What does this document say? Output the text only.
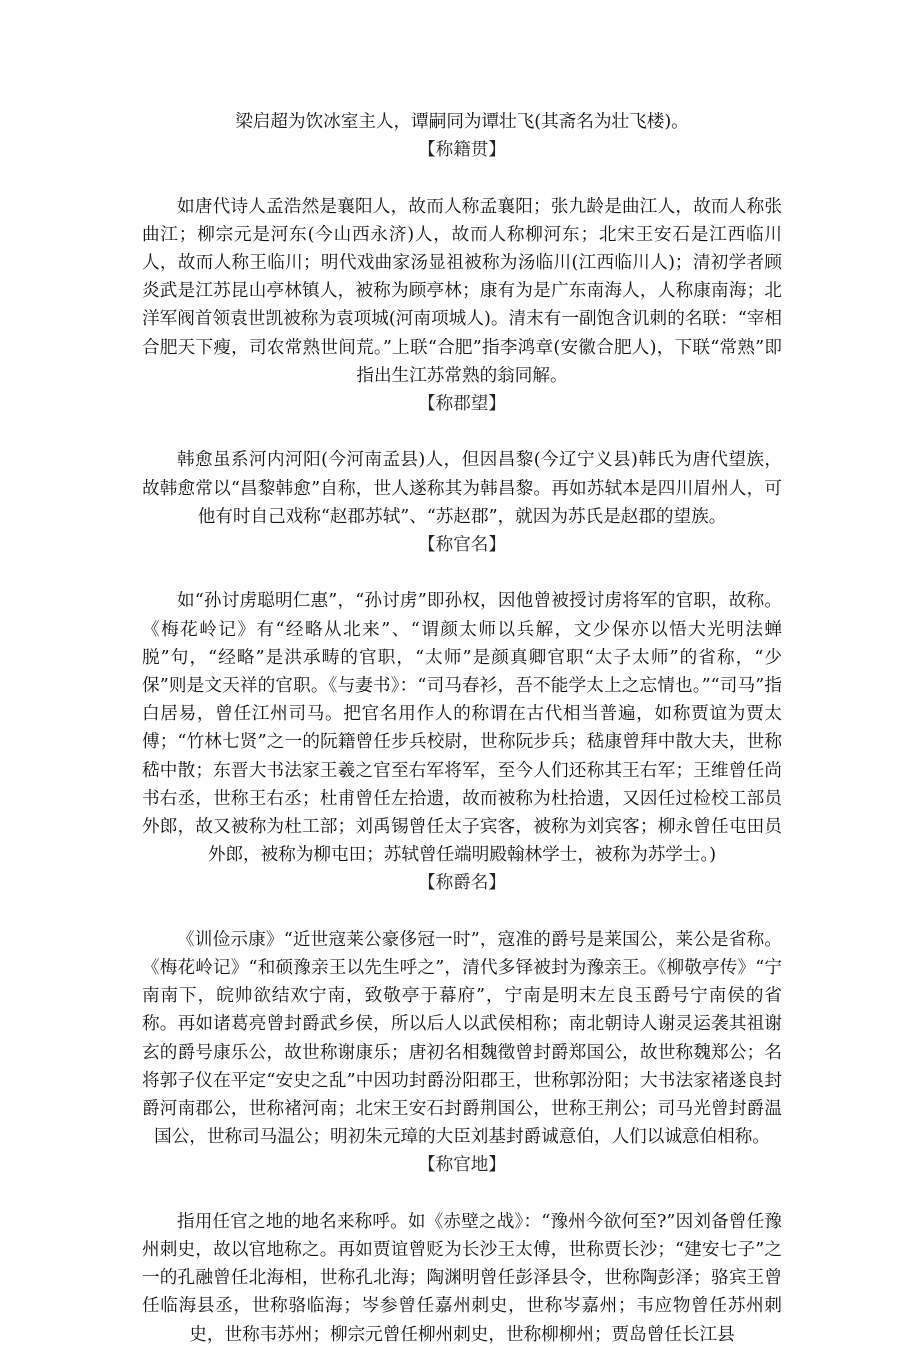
梁启超为饮冰室主人，谭嗣同为谭壮飞(其斋名为壮飞楼)。

【称籍贯】

如唐代诗人孟浩然是襄阳人，故而人称孟襄阳；张九龄是曲江人，故而人称张曲江；柳宗元是河东(今山西永济)人，故而人称柳河东；北宋王安石是江西临川人，故而人称王临川；明代戏曲家汤显祖被称为汤临川(江西临川人)；清初学者顾炎武是江苏昆山亭林镇人，被称为顾亭林；康有为是广东南海人，人称康南海；北洋军阀首领袁世凯被称为袁项城(河南项城人)。清末有一副饱含讥刺的名联：“宰相合肥天下瘦，司农常熟世间荒。”上联“合肥”指李鸿章(安徽合肥人)，下联“常熟”即指出生江苏常熟的翁同解。

【称郡望】

韩愈虽系河内河阳(今河南孟县)人，但因昌黎(今辽宁义县)韩氏为唐代望族，故韩愈常以“昌黎韩愈”自称，世人遂称其为韩昌黎。再如苏轼本是四川眉州人，可他有时自己戏称“赵郡苏轼”、“苏赵郡”，就因为苏氏是赵郡的望族。

【称官名】

如“孙讨虏聪明仁惠”，“孙讨虏”即孙权，因他曾被授讨虏将军的官职，故称。《梅花岭记》有“经略从北来”、“谓颜太师以兵解，文少保亦以悟大光明法蝉脱”句，“经略”是洪承畴的官职，“太师”是颜真卿官职“太子太师”的省称，“少保”则是文天祥的官职。《与妻书》：“司马春衫，吾不能学太上之忘情也。”“司马”指白居易，曾任江州司马。把官名用作人的称谓在古代相当普遍，如称贾谊为贾太傅；“竹林七贤”之一的阮籍曾任步兵校尉，世称阮步兵；嵇康曾拜中散大夫，世称嵇中散；东晋大书法家王羲之官至右军将军，至今人们还称其王右军；王维曾任尚书右丞，世称王右丞；杜甫曾任左拾遗，故而被称为杜拾遗，又因任过检校工部员外郎，故又被称为杜工部；刘禹锡曾任太子宾客，被称为刘宾客；柳永曾任屯田员外郎，被称为柳屯田；苏轼曾任端明殿翰林学士，被称为苏学士。)

【称爵名】

《训俭示康》“近世寇莱公豪侈冠一时”，寇准的爵号是莱国公，莱公是省称。《梅花岭记》“和硕豫亲王以先生呼之”，清代多铎被封为豫亲王。《柳敬亭传》“宁南南下，皖帅欲结欢宁南，致敬亭于幕府”，宁南是明末左良玉爵号宁南侯的省称。再如诸葛亮曾封爵武乡侯，所以后人以武侯相称；南北朝诗人谢灵运袭其祖谢玄的爵号康乐公，故世称谢康乐；唐初名相魏徵曾封爵郑国公，故世称魏郑公；名将郭子仪在平定“安史之乱”中因功封爵汾阳郡王，世称郭汾阳；大书法家褚遂良封爵河南郡公，世称褚河南；北宋王安石封爵荆国公，世称王荆公；司马光曾封爵温国公，世称司马温公；明初朱元璋的大臣刘基封爵诚意伯，人们以诚意伯相称。

【称官地】

指用任官之地的地名来称呼。如《赤壁之战》：“豫州今欲何至?”因刘备曾任豫州刺史，故以官地称之。再如贾谊曾贬为长沙王太傅，世称贾长沙；“建安七子”之一的孔融曾任北海相，世称孔北海；陶渊明曾任彭泽县令，世称陶彭泽；骆宾王曾任临海县丞，世称骆临海；岑参曾任嘉州刺史，世称岑嘉州；韦应物曾任苏州刺史，世称韦苏州；柳宗元曾任柳州刺史，世称柳柳州；贾岛曾任长江县
